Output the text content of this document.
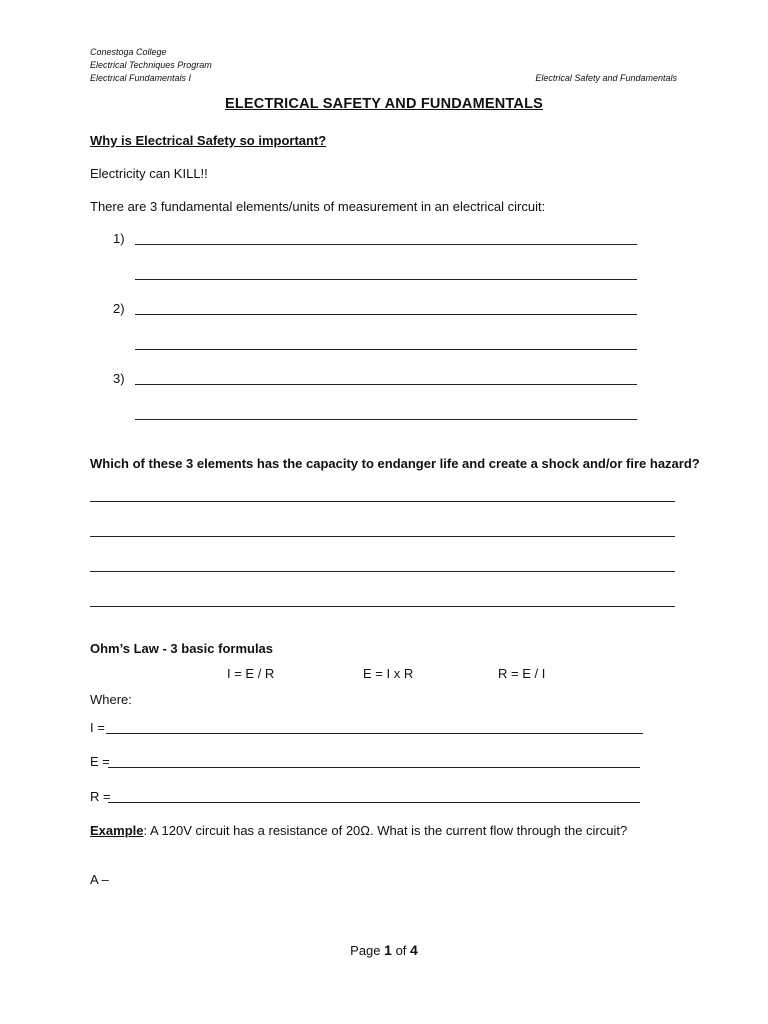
Conestoga College
Electrical Techniques Program
Electrical Fundamentals I	Electrical Safety and Fundamentals
ELECTRICAL SAFETY AND FUNDAMENTALS
Why is Electrical Safety so important?
Electricity can KILL!!
There are 3 fundamental elements/units of measurement in an electrical circuit:
1)
2)
3)
Which of these 3 elements has the capacity to endanger life and create a shock and/or fire hazard?
Ohm’s Law - 3 basic formulas
I = E / R	E = I x R	R = E / I
Where:
I =
E =
R =
Example: A 120V circuit has a resistance of 20Ω. What is the current flow through the circuit?
A –
Page 1 of 4
